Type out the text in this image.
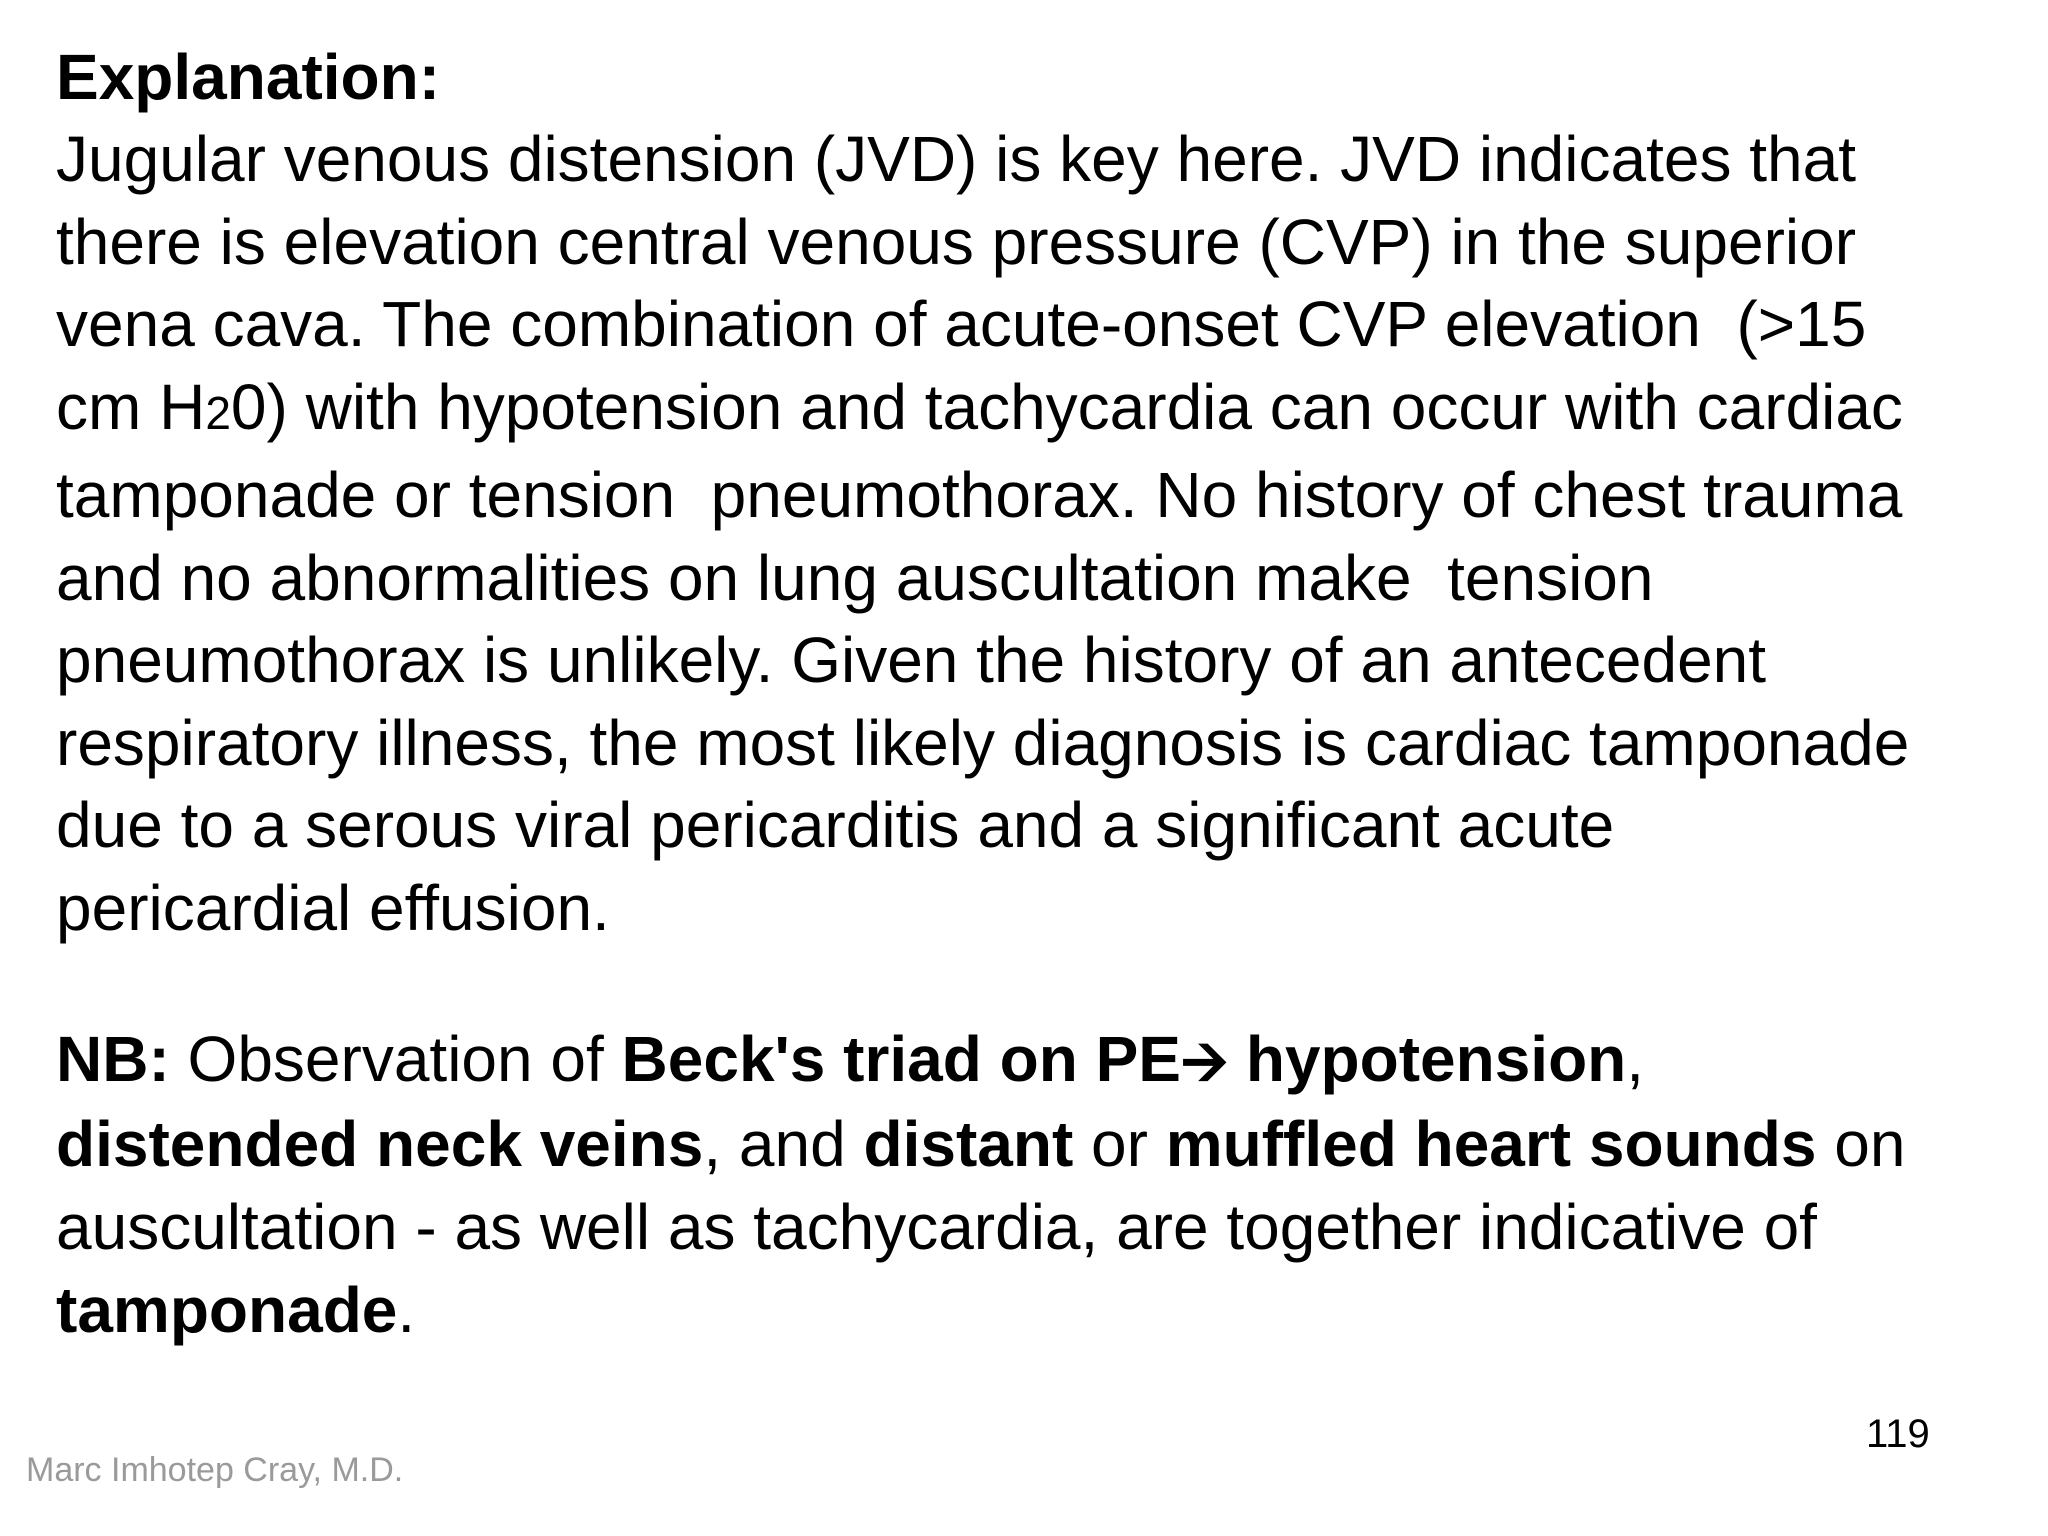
Explanation:
Jugular venous distension (JVD) is key here. JVD indicates that
there is elevation central venous pressure (CVP) in the superior
vena cava. The combination of acute-onset CVP elevation  (>15
cm H20) with hypotension and tachycardia can occur with cardiac
tamponade or tension  pneumothorax. No history of chest trauma
and no abnormalities on lung auscultation make  tension
pneumothorax is unlikely. Given the history of an antecedent
respiratory illness, the most likely diagnosis is cardiac tamponade
due to a serous viral pericarditis and a significant acute
pericardial effusion.
NB: Observation of Beck's triad on PE🡪 hypotension,
distended neck veins, and distant or muffled heart sounds on
auscultation - as well as tachycardia, are together indicative of
tamponade.
119
Marc Imhotep Cray, M.D.
